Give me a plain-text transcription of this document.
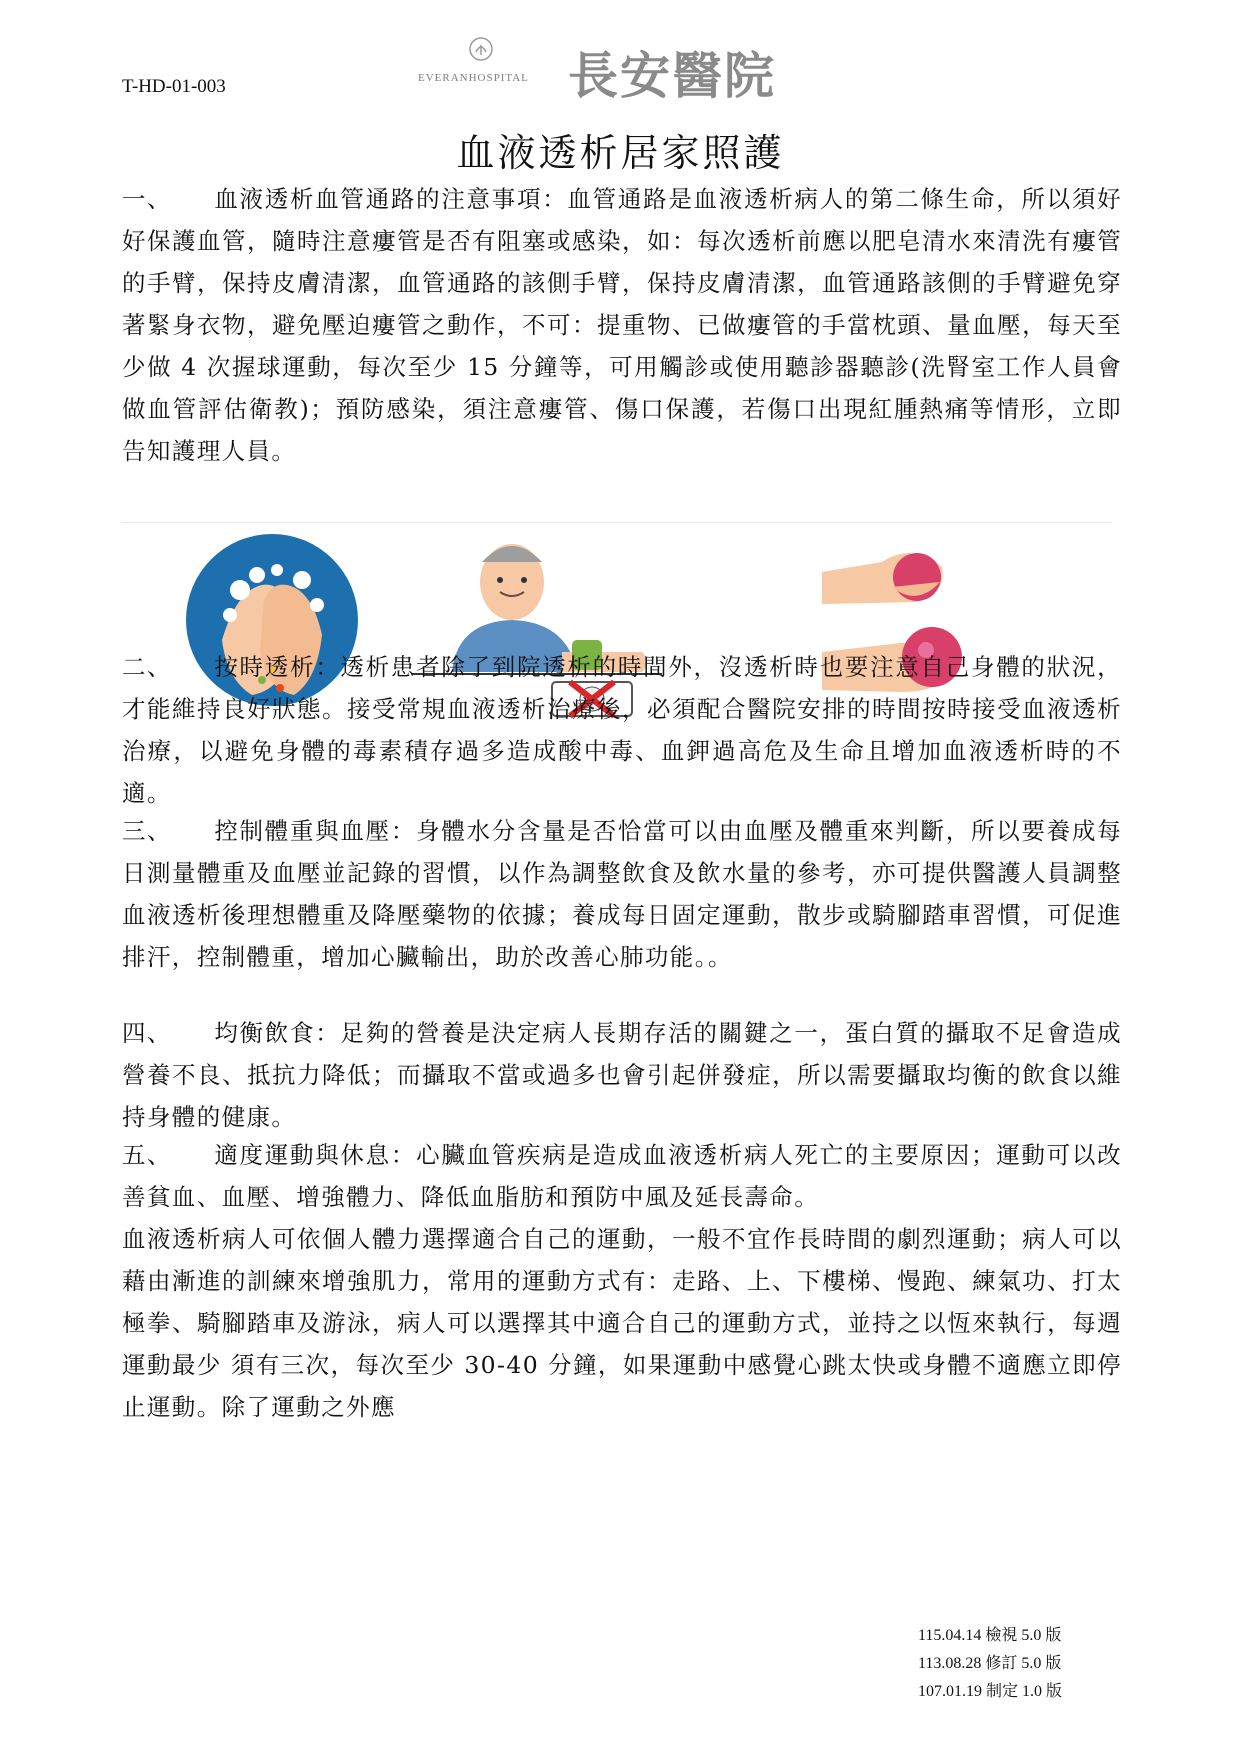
T-HD-01-003	EVERANHOSPITAL 長安醫院
血液透析居家照護

一、 血液透析血管通路的注意事項：血管通路是血液透析病人的第二條生命，所以須好好保護血管，隨時注意瘻管是否有阻塞或感染，如：每次透析前應以肥皂清水來清洗有瘻管的手臂，保持皮膚清潔，血管通路的該側手臂，保持皮膚清潔，血管通路該側的手臂避免穿著緊身衣物，避免壓迫瘻管之動作，不可：提重物、已做瘻管的手當枕頭、量血壓，每天至少做 4 次握球運動，每次至少 15 分鐘等，可用觸診或使用聽診器聽診(洗腎室工作人員會做血管評估衛教)；預防感染，須注意瘻管、傷口保護，若傷口出現紅腫熱痛等情形，立即告知護理人員。

二、 按時透析：透析患者除了到院透析的時間外，沒透析時也要注意自己身體的狀況，才能維持良好狀態。接受常規血液透析治療後，必須配合醫院安排的時間按時接受血液透析治療，以避免身體的毒素積存過多造成酸中毒、血鉀過高危及生命且增加血液透析時的不適。

三、 控制體重與血壓：身體水分含量是否恰當可以由血壓及體重來判斷，所以要養成每日測量體重及血壓並記錄的習慣，以作為調整飲食及飲水量的參考，亦可提供醫護人員調整血液透析後理想體重及降壓藥物的依據；養成每日固定運動，散步或騎腳踏車習慣，可促進排汗，控制體重，增加心臟輸出，助於改善心肺功能。。

四、 均衡飲食：足夠的營養是決定病人長期存活的關鍵之一，蛋白質的攝取不足會造成營養不良、抵抗力降低；而攝取不當或過多也會引起併發症，所以需要攝取均衡的飲食以維持身體的健康。

五、 適度運動與休息：心臟血管疾病是造成血液透析病人死亡的主要原因；運動可以改善貧血、血壓、增強體力、降低血脂肪和預防中風及延長壽命。
血液透析病人可依個人體力選擇適合自己的運動，一般不宜作長時間的劇烈運動；病人可以藉由漸進的訓練來增強肌力，常用的運動方式有：走路、上、下樓梯、慢跑、練氣功、打太極拳、騎腳踏車及游泳，病人可以選擇其中適合自己的運動方式，並持之以恆來執行，每週運動最少 須有三次，每次至少 30-40 分鐘，如果運動中感覺心跳太快或身體不適應立即停止運動。除了運動之外應

115.04.14 檢視 5.0 版
113.08.28 修訂 5.0 版
107.01.19 制定 1.0 版
